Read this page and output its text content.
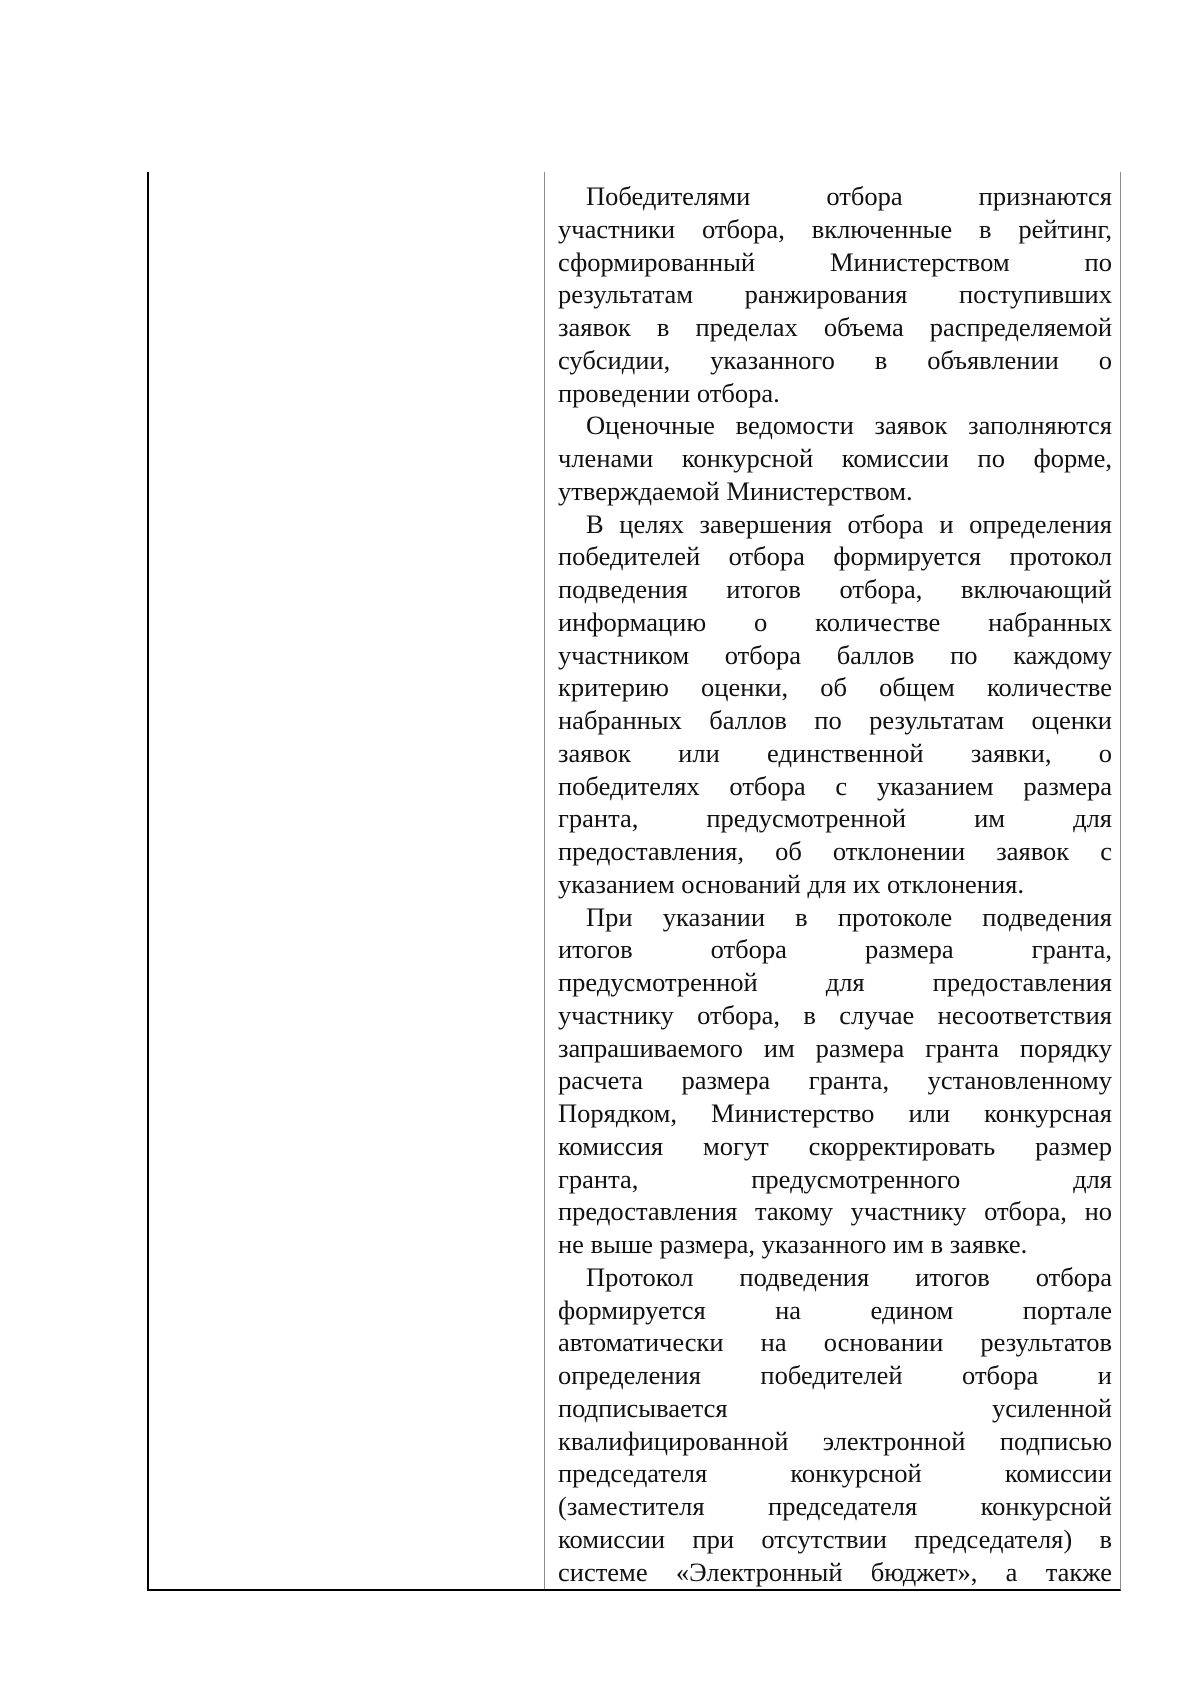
Победителями отбора признаются
участники отбора, включенные в рейтинг,
сформированный Министерством по
результатам ранжирования поступивших
заявок в пределах объема распределяемой
субсидии, указанного в объявлении о
проведении отбора.
Оценочные ведомости заявок заполняются
членами конкурсной комиссии по форме,
утверждаемой Министерством.
В целях завершения отбора и определения
победителей отбора формируется протокол
подведения итогов отбора, включающий
информацию о количестве набранных
участником отбора баллов по каждому
критерию оценки, об общем количестве
набранных баллов по результатам оценки
заявок или единственной заявки, о
победителях отбора с указанием размера
гранта, предусмотренной им для
предоставления, об отклонении заявок с
указанием оснований для их отклонения.
При указании в протоколе подведения
итогов отбора размера гранта,
предусмотренной для предоставления
участнику отбора, в случае несоответствия
запрашиваемого им размера гранта порядку
расчета размера гранта, установленному
Порядком, Министерство или конкурсная
комиссия могут скорректировать размер
гранта, предусмотренного для
предоставления такому участнику отбора, но
не выше размера, указанного им в заявке.
Протокол подведения итогов отбора
формируется на едином портале
автоматически на основании результатов
определения победителей отбора и
подписывается усиленной
квалифицированной электронной подписью
председателя конкурсной комиссии
(заместителя председателя конкурсной
комиссии при отсутствии председателя) в
системе «Электронный бюджет», а также
